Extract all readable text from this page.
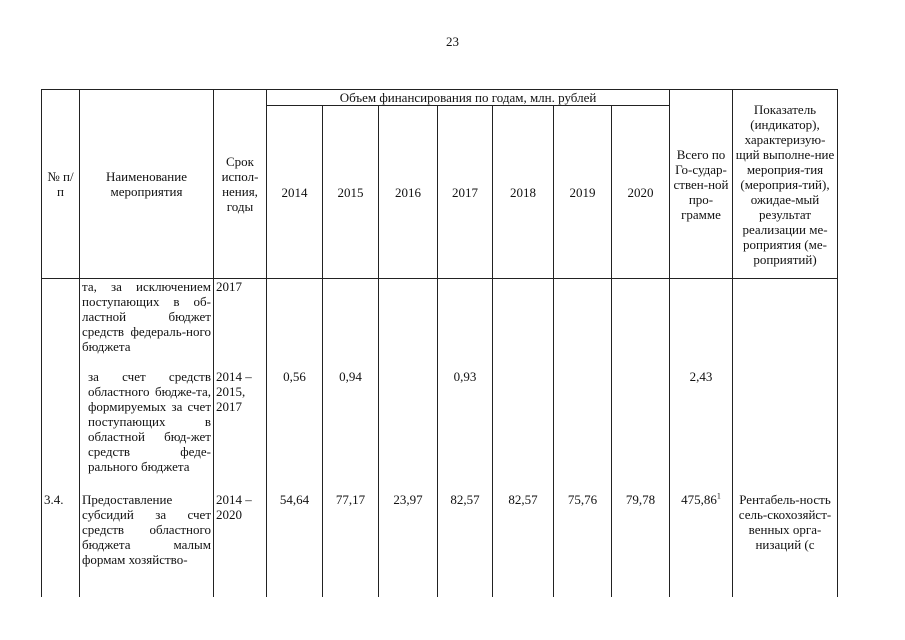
23
№ п/п	Наименование мероприятия	Срок испол-нения, годы	Объем финансирования по годам, млн. рублей							Всего по Го-судар-ствен-ной про-грамме	Показатель (индикатор), характеризую-щий выполне-ние мероприя-тия (мероприя-тий), ожидае-мый результат реализации ме-роприятия (ме-роприятий)
			2014	2015	2016	2017	2018	2019	2020		
	та, за исключением поступающих в об-ластной бюджет средств федераль-ного бюджета	2017									
	за счет средств областного бюдже-та, формируемых за счет поступающих в областной бюд-жет средств феде-рального бюджета	2014 – 2015, 2017	0,56	0,94		0,93				2,43	
3.4.	Предоставление субсидий за счет средств областного бюджета малым формам хозяйство-	2014 – 2020	54,64	77,17	23,97	82,57	82,57	75,76	79,78	475,86$^1$	Рентабель-ность сель-скохозяйст-венных орга-низаций (с
